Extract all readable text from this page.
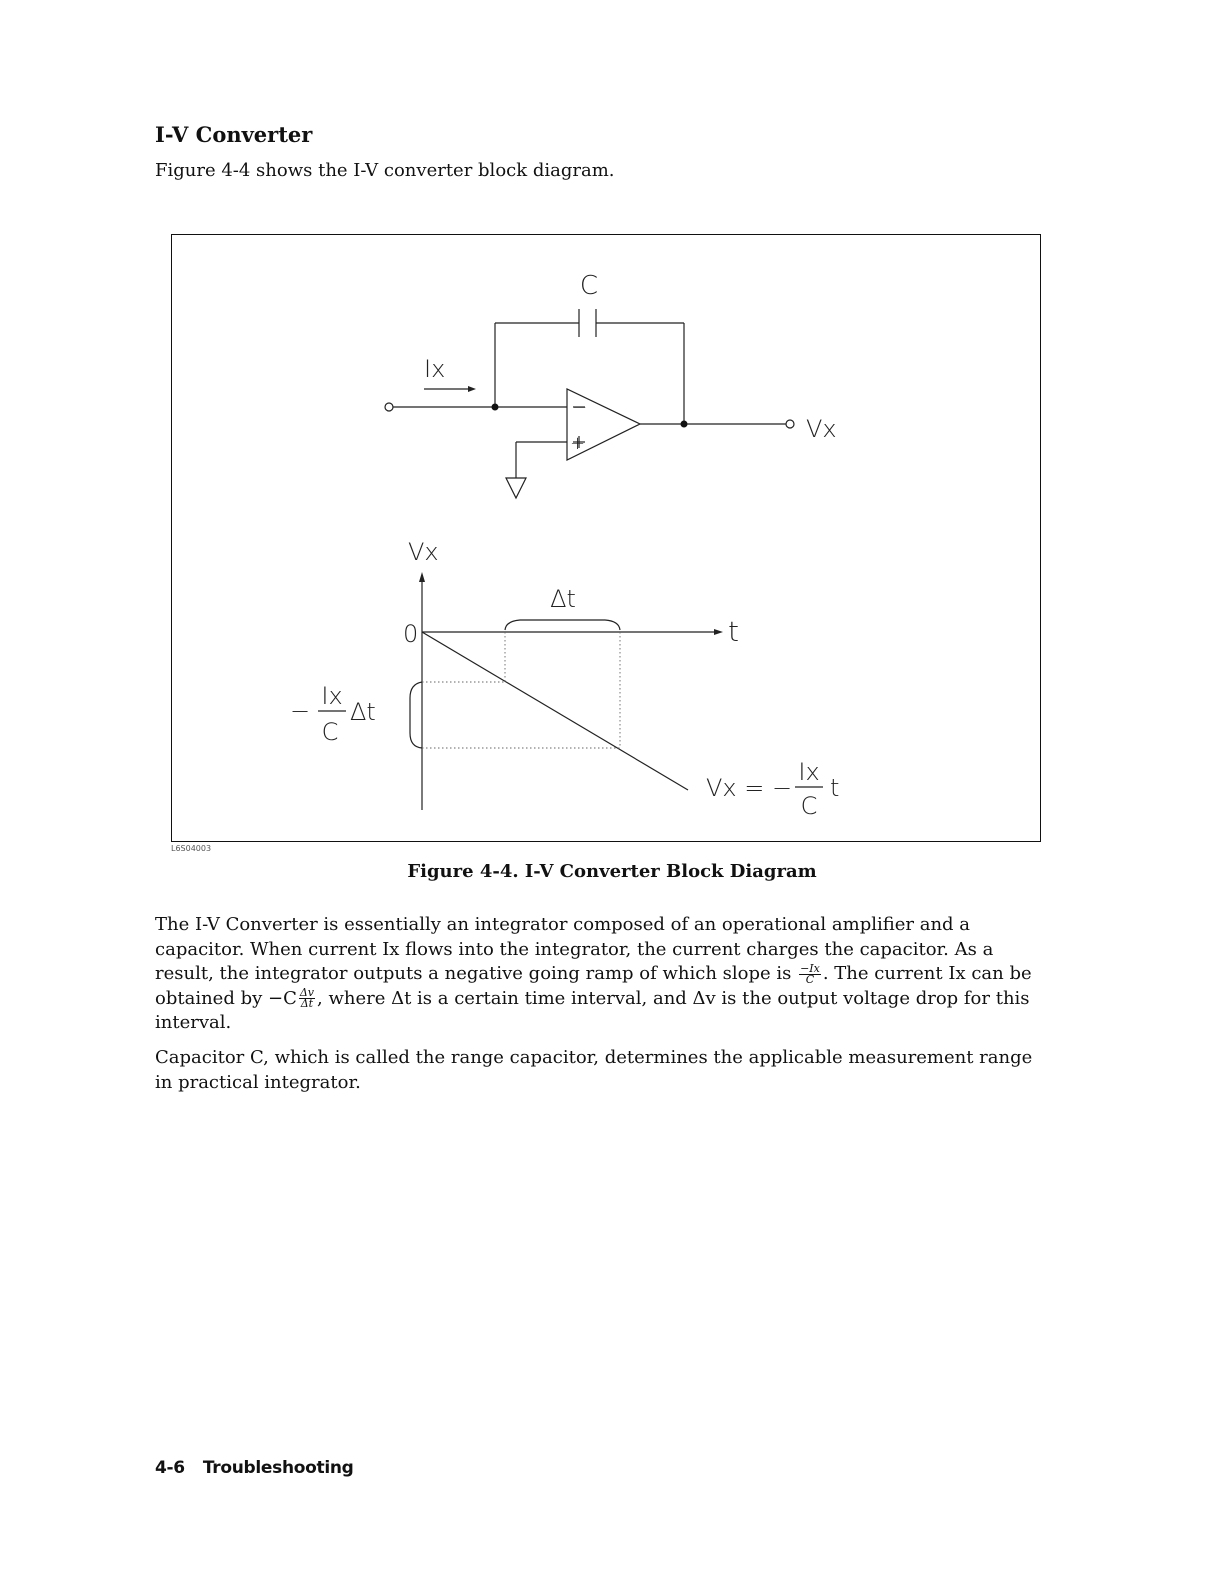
I-V Converter
Figure 4-4 shows the I-V converter block diagram.
C
Ix
Vx
−
+
Vx
t
0
Δt
−
Ix
C
Δt
Vx = −
Ix
C
t
L6S04003
Figure 4-4. I-V Converter Block Diagram
The I-V Converter is essentially an integrator composed of an operational amplifier and a capacitor. When current Ix flows into the integrator, the current charges the capacitor. As a result, the integrator outputs a negative going ramp of which slope is $\frac{-Ix}{C}$ . The current Ix can be obtained by $-C \frac{\Delta v}{\Delta t}$ , where Δt is a certain time interval, and Δv is the output voltage drop for this interval.
Capacitor C, which is called the range capacitor, determines the applicable measurement range in practical integrator.
4-6 Troubleshooting
